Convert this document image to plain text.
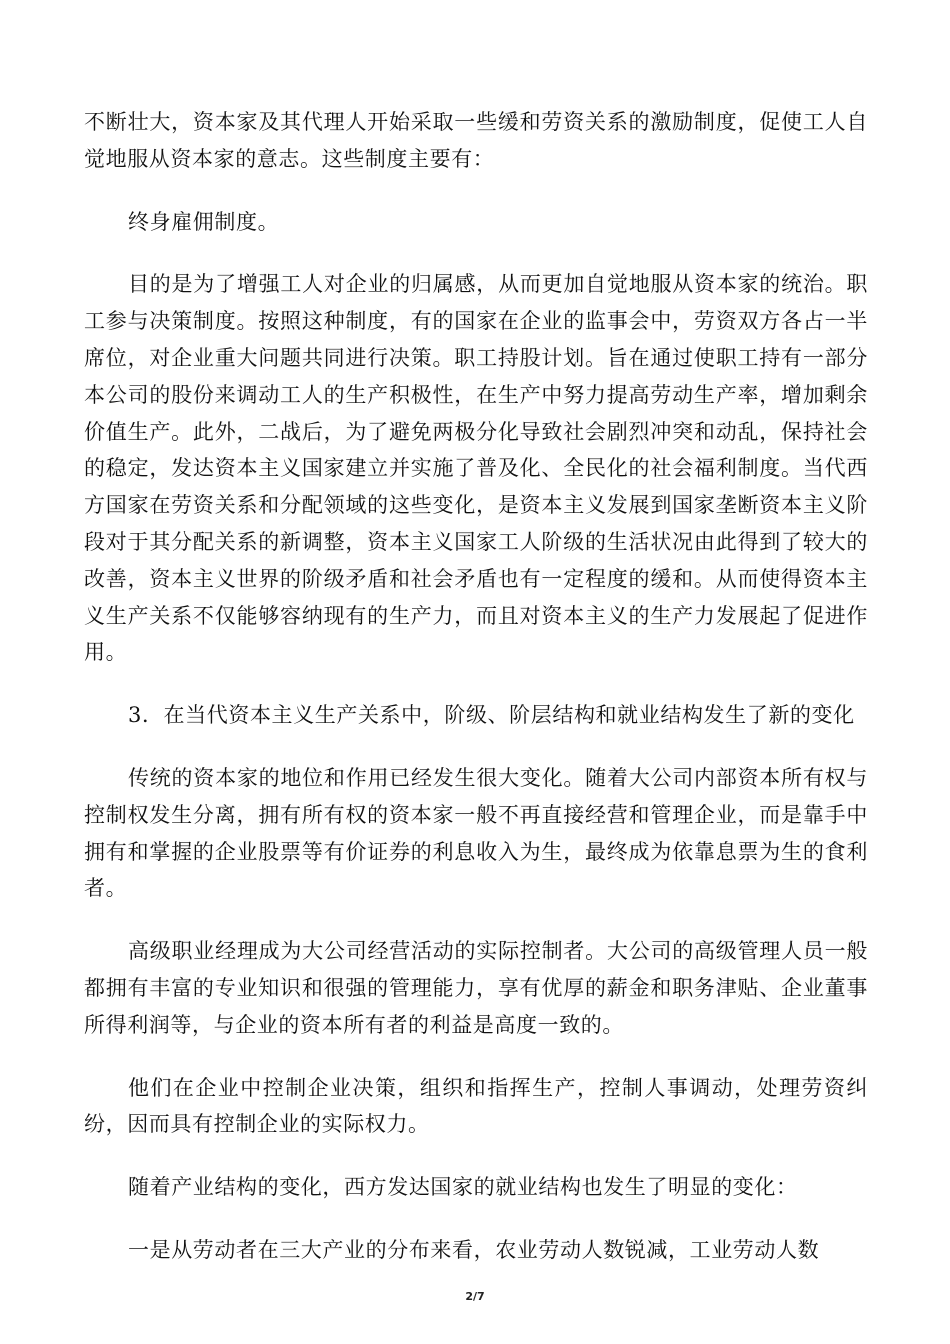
不断壮大，资本家及其代理人开始采取一些缓和劳资关系的激励制度，促使工人自觉地服从资本家的意志。这些制度主要有：

终身雇佣制度。

目的是为了增强工人对企业的归属感，从而更加自觉地服从资本家的统治。职工参与决策制度。按照这种制度，有的国家在企业的监事会中，劳资双方各占一半席位，对企业重大问题共同进行决策。职工持股计划。旨在通过使职工持有一部分本公司的股份来调动工人的生产积极性，在生产中努力提高劳动生产率，增加剩余价值生产。此外，二战后，为了避免两极分化导致社会剧烈冲突和动乱，保持社会的稳定，发达资本主义国家建立并实施了普及化、全民化的社会福利制度。当代西方国家在劳资关系和分配领域的这些变化，是资本主义发展到国家垄断资本主义阶段对于其分配关系的新调整，资本主义国家工人阶级的生活状况由此得到了较大的改善，资本主义世界的阶级矛盾和社会矛盾也有一定程度的缓和。从而使得资本主义生产关系不仅能够容纳现有的生产力，而且对资本主义的生产力发展起了促进作用。

3．在当代资本主义生产关系中，阶级、阶层结构和就业结构发生了新的变化

传统的资本家的地位和作用已经发生很大变化。随着大公司内部资本所有权与控制权发生分离，拥有所有权的资本家一般不再直接经营和管理企业，而是靠手中拥有和掌握的企业股票等有价证券的利息收入为生，最终成为依靠息票为生的食利者。

高级职业经理成为大公司经营活动的实际控制者。大公司的高级管理人员一般都拥有丰富的专业知识和很强的管理能力，享有优厚的薪金和职务津贴、企业董事所得利润等，与企业的资本所有者的利益是高度一致的。

他们在企业中控制企业决策，组织和指挥生产，控制人事调动，处理劳资纠纷，因而具有控制企业的实际权力。

随着产业结构的变化，西方发达国家的就业结构也发生了明显的变化：

一是从劳动者在三大产业的分布来看，农业劳动人数锐减，工业劳动人数

2/7
